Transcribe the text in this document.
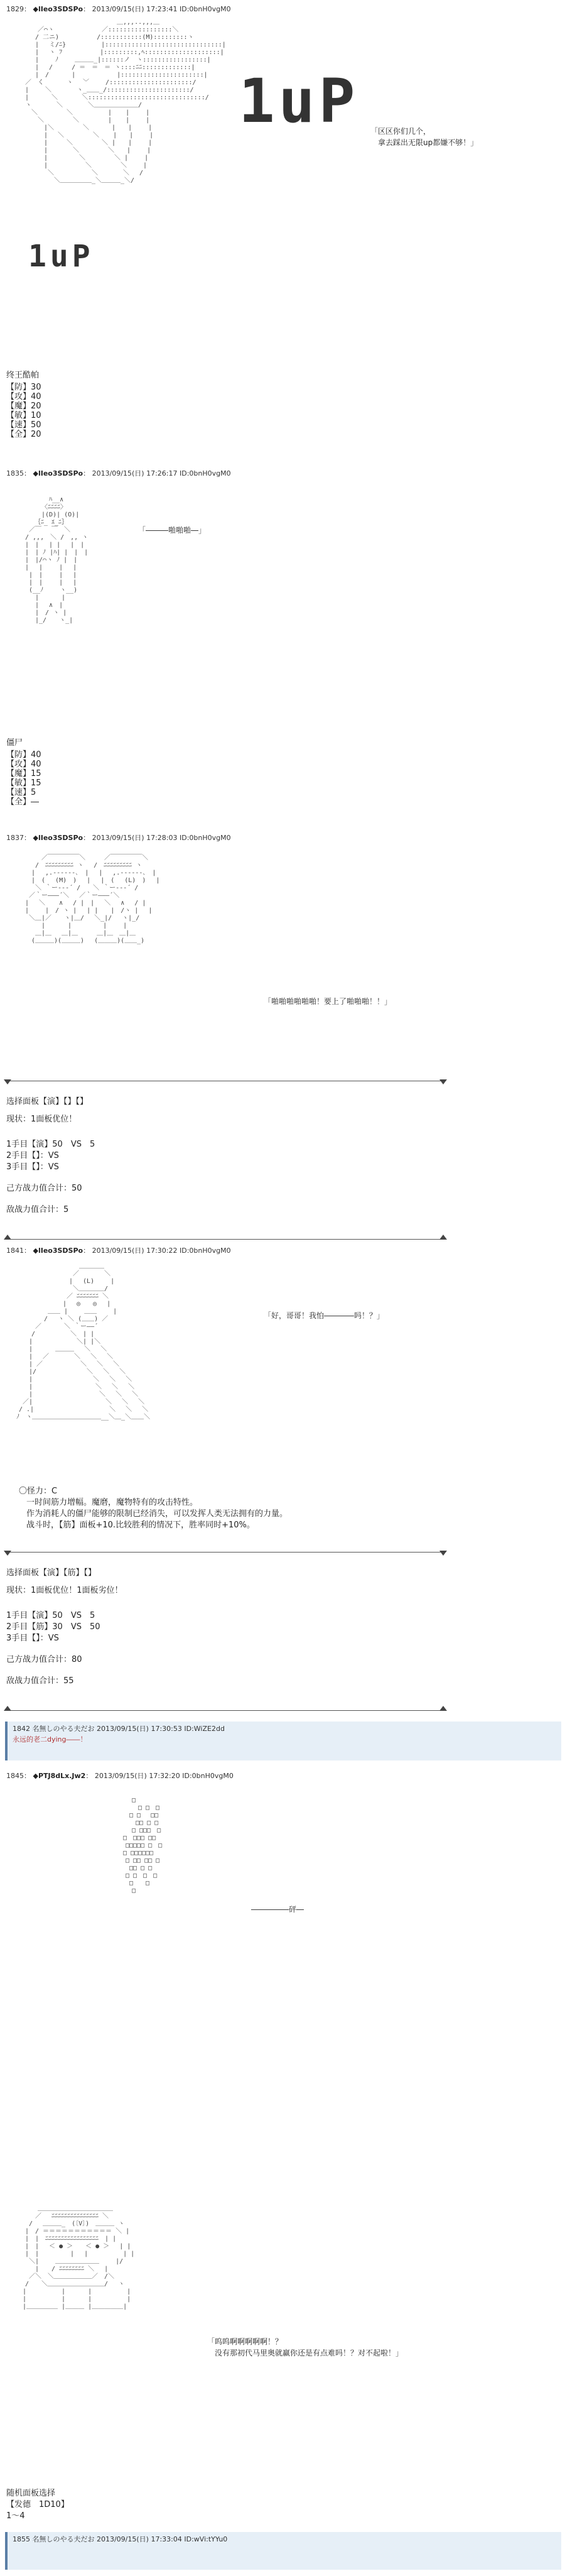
1829： ◆lIeo3SDSPo： 2013/09/15(日) 17:23:41 ID:0bnH0vgM0
　　　　　　　　　　　　　　　 ＿,,,..,,,＿
　　　／⌒ヽ　　　　　　　 ／:::::::::::::::::＼
　　 / 二ニ)　　　　　　/:::::::::::(M):::::::::ヽ
　　 |　 ミ/ﾆ}　　　　　 |:::::::::::::::::::::::::::::::|
　　 |　 ヽ ﾌ　　　　　　|:::::::::,ﾍ::::::::::::::::::::|
　　 |　　 ﾉ　　 ＿＿＿_|::::::ノ　ヽ:::::::::::::::::|
　　 |　 /　　　/ ＝　＝　＝ ヽ::::ﾆﾆ:::::::::::::|
　　 |　/　　　 |　　　　　　 |::::::::::::::::::::::|
　／　く　　　 ヽ　 ﹀　　 /::::::::::::::::::::::/
　|　　 ＼　　　　ヽ_＿＿_/::::::::::::::::::::::/
　|　　　 ＼ 　 　 ＼:::::::::::::::::::::::::::::::/
　ヽ　　　　＼　　　　＼＿＿＿＿＿＿＿/
　　＼　　　　 ＼　　　　　 | 　 |　　 |
　　　＼　　　　 ＼　　　　 | 　 |　　 |
　　　　|＼ 　　　　＼　　　 |　　|　　 |
　　　　|　 ＼　　　　 ＼ 　 |　　|　　 |
　　　　|　　　＼　　　　 ＼ |　　|　　 |
　　　　|　　　　＼　　　　 ＼　　|　　 |
　　　　|　　　　　＼　　　　 ＼ |　　 |
　　　　|　　　　　　＼　　　　 ＼　　 |
　　　　 ＼　　　　　　＼　　　　＼　 /
　　　　　 ＼＿＿＿＿＿_＼＿＿＿_＼/
1uP
1uP
「区区你们几个，
　拿去踩出无限up都嫌不够！」
终王酷帕
【防】30
【攻】40
【魔】20
【敏】10
【速】50
【全】20
1835： ◆lIeo3SDSPo： 2013/09/15(日) 17:26:17 ID:0bnH0vgM0
　 　 　 ﾊ__∧
　　　 〈ﾆﾆﾆﾆ〉
　 　　|(D)| (O)|
　　　｛ﾆ_ ｴ_ﾆ｝
　 ／￣　 ￣　＼
　/ ,,,　＼ /　,, ヽ
　|　|　 | |　 |　|
　|　| ﾉ |ﾊ| |　|　|
　|　|/⌒ヽ ﾉ |　|
　|　 |　　 |　 |
　 |　|　　 |　 |
　 |　|　　 |　 |
　 (__ﾉ　　 ヽ__)
　　 |　　 　|
　　 |　 ∧　|
　　 |　/ ヽ |
　　 |_/　　ヽ_|
「―――啪啪啪―」
僵尸
【防】40
【攻】40
【魔】15
【敏】15
【速】5
【全】―
1837： ◆lIeo3SDSPo： 2013/09/15(日) 17:28:03 ID:0bnH0vgM0
　　　　 ／￣￣￣￣￣＼　　　／￣￣￣￣￣＼
　　　 /　ﾆﾆﾆﾆﾆﾆﾆﾆﾆ ヽ　 /　ﾆﾆﾆﾆﾆﾆﾆﾆﾆ ヽ
　　　|　 ,.-‐‐‐‐-､　|　 |　 ,.-‐‐‐‐-､　|
　　　|　(　 (M)　)　 |　 |　(　 (L)　)　 |
　　　 ＼ ｀ー‐‐‐´ /　　＼ ｀ー‐‐‐´ /
　　 ／｀ー―――´＼ 　／｀ー―――´＼
　　|　 ＼ 　 ∧　 / |　|　 ＼ 　∧　 / |
　　|　　 |　/ ヽ |　 | |　　|　/ヽ |　 |
　　 ＼＿|／　　ヽ|＿/　 ＼_|/　 ヽ|_/
　　　　 |　　 　|　　　　　|　　 |
　　　 ＿|＿　 ＿|＿　　　＿|＿　＿|＿
　　　(＿＿＿)(＿＿＿) 　(＿＿＿)(＿＿_)
「啪啪啪啪啪啪！要上了啪啪啪！！」

选择面板【演】【】【】

现状：1面板优位！

1手目【演】50　VS　5

2手目【】：VS

3手目【】：VS

己方战力值合计：50

敌战力值合计：5

1841： ◆lIeo3SDSPo： 2013/09/15(日) 17:30:22 ID:0bnH0vgM0
　　　　　　　　　　 ＿＿＿＿
　　　　　　　　　 ／　　　　＼
　　　　　　　　　|　 (L)　　 |
　　　　　　　　　 ＼＿＿＿＿/
　　　　　　　　 ／ ﾆﾆﾆﾆﾆﾆﾆ ＼
　　　　　　　　|　 ◎　　◎　 |
　　　　　 ＿＿ |　　 ＿＿　　 |
　　　　　/　 ヽ ＼ (＿＿) ／
　　　 ／　　　 ＼ ｀ー――´
　　　/　　　　　 ＼　| |
　　 |　　　　　　　＼| |＼
　　 |　　　 ＿＿＿　 ＼ 　＼
　　 |　 ／　　　　＼ 　＼ 　＼
　　 | ／　　　　　　＼ 　＼　 ＼
　　 |/　　　　　　　　＼ 　＼　 ＼
　　 |　　　　　　　　　 ＼　 ＼ 　＼
　　 |　　　　　　　　　　＼　 ＼ 　＼
　　 |　　　　　　　　　　 ＼ 　＼　 ＼
　 ／|　　　　　　　　　　　 ＼ 　＼ 　＼
　/ .|　　　　　　　　　　　　＼ 　＼ 　＼
ﾉ　ヽ＿＿＿＿＿＿＿＿＿＿＿__＼＿_＼＿＿＼
「好，哥哥！我怕――――吗！？」

〇怪力：C

一时间筋力增幅。魔磨，魔物特有的攻击特性。

作为消耗人的僵尸能够的限制已经消失，可以发挥人类无法拥有的力量。

战斗时，【筋】面板+10.比较胜利的情况下，胜率同时+10%。

选择面板【演】【筋】【】

现状：1面板优位！1面板劣位！

1手目【演】50　VS　5

2手目【筋】30　VS　50

3手目【】：VS

己方战力值合计：80

敌战力值合计：55

1842 名無しのやる夫だお 2013/09/15(日) 17:30:53 ID:WiZE2dd
永远的老二dying――！
1845： ◆PTJ8dLx.Jw2： 2013/09/15(日) 17:32:20 ID:0bnH0vgM0
　　　　□
　　　　　□ □　□
　　　 □ □　 □□
　　　　 □□ □ □
　　　　□ □□□　□
　　 □　□□□ □□
　　　□□□□□ □　□
　　 □ □□□□□□
　　　□ □□ □□ □
　　　 □□ □ □
　　　□ □　□　□
　　　 □　　□
　　　　□
―――――砰―
　　　　　＿＿＿＿＿＿＿＿＿＿＿＿
　　　　 ／　 ﾆﾆﾆﾆﾆﾆﾆﾆﾆﾆﾆﾆﾆﾆﾆ ＼
　　　 /　 ＿＿＿_　(〔V〕)　＿＿＿ ヽ
　　　|　/ ＝＝＝＝＝＝＝＝＝＝＝ ＼ |
　　　|　|　ﾆﾆﾆﾆﾆﾆﾆﾆﾆﾆﾆﾆﾆﾆﾆﾆﾆ　| |
　　　|　|　 ＜ ● ＞　　＜ ● ＞　 | |
　　　|　|　　　　　|　 |　　　　　 | |
　　　 ＼|　　 ＿＿＿＿＿＿＿　　 |/
　　　　 |　　/ ﾆﾆﾆﾆﾆﾆﾆﾆ ＼　 |
　　　 ／＼　＼＿＿＿＿＿＿／　/＼
　　　/　　＼＿＿＿＿＿＿＿＿＿/　 ヽ
　　 |　　　　　 |　　　 |　　　　　 |
　　 |　　　　　 |　　　 |　　　　　 |
　　 |＿＿＿＿＿ |＿＿＿ |＿＿＿＿＿|
「呜呜啊啊啊啊啊！？
　没有那初代马里奥就赢你还是有点难吗！？对不起啦！」

随机面板选择

【发德　1D10】

1～4

1855 名無しのやる夫だお 2013/09/15(日) 17:33:04 ID:wVi:tYYu0
